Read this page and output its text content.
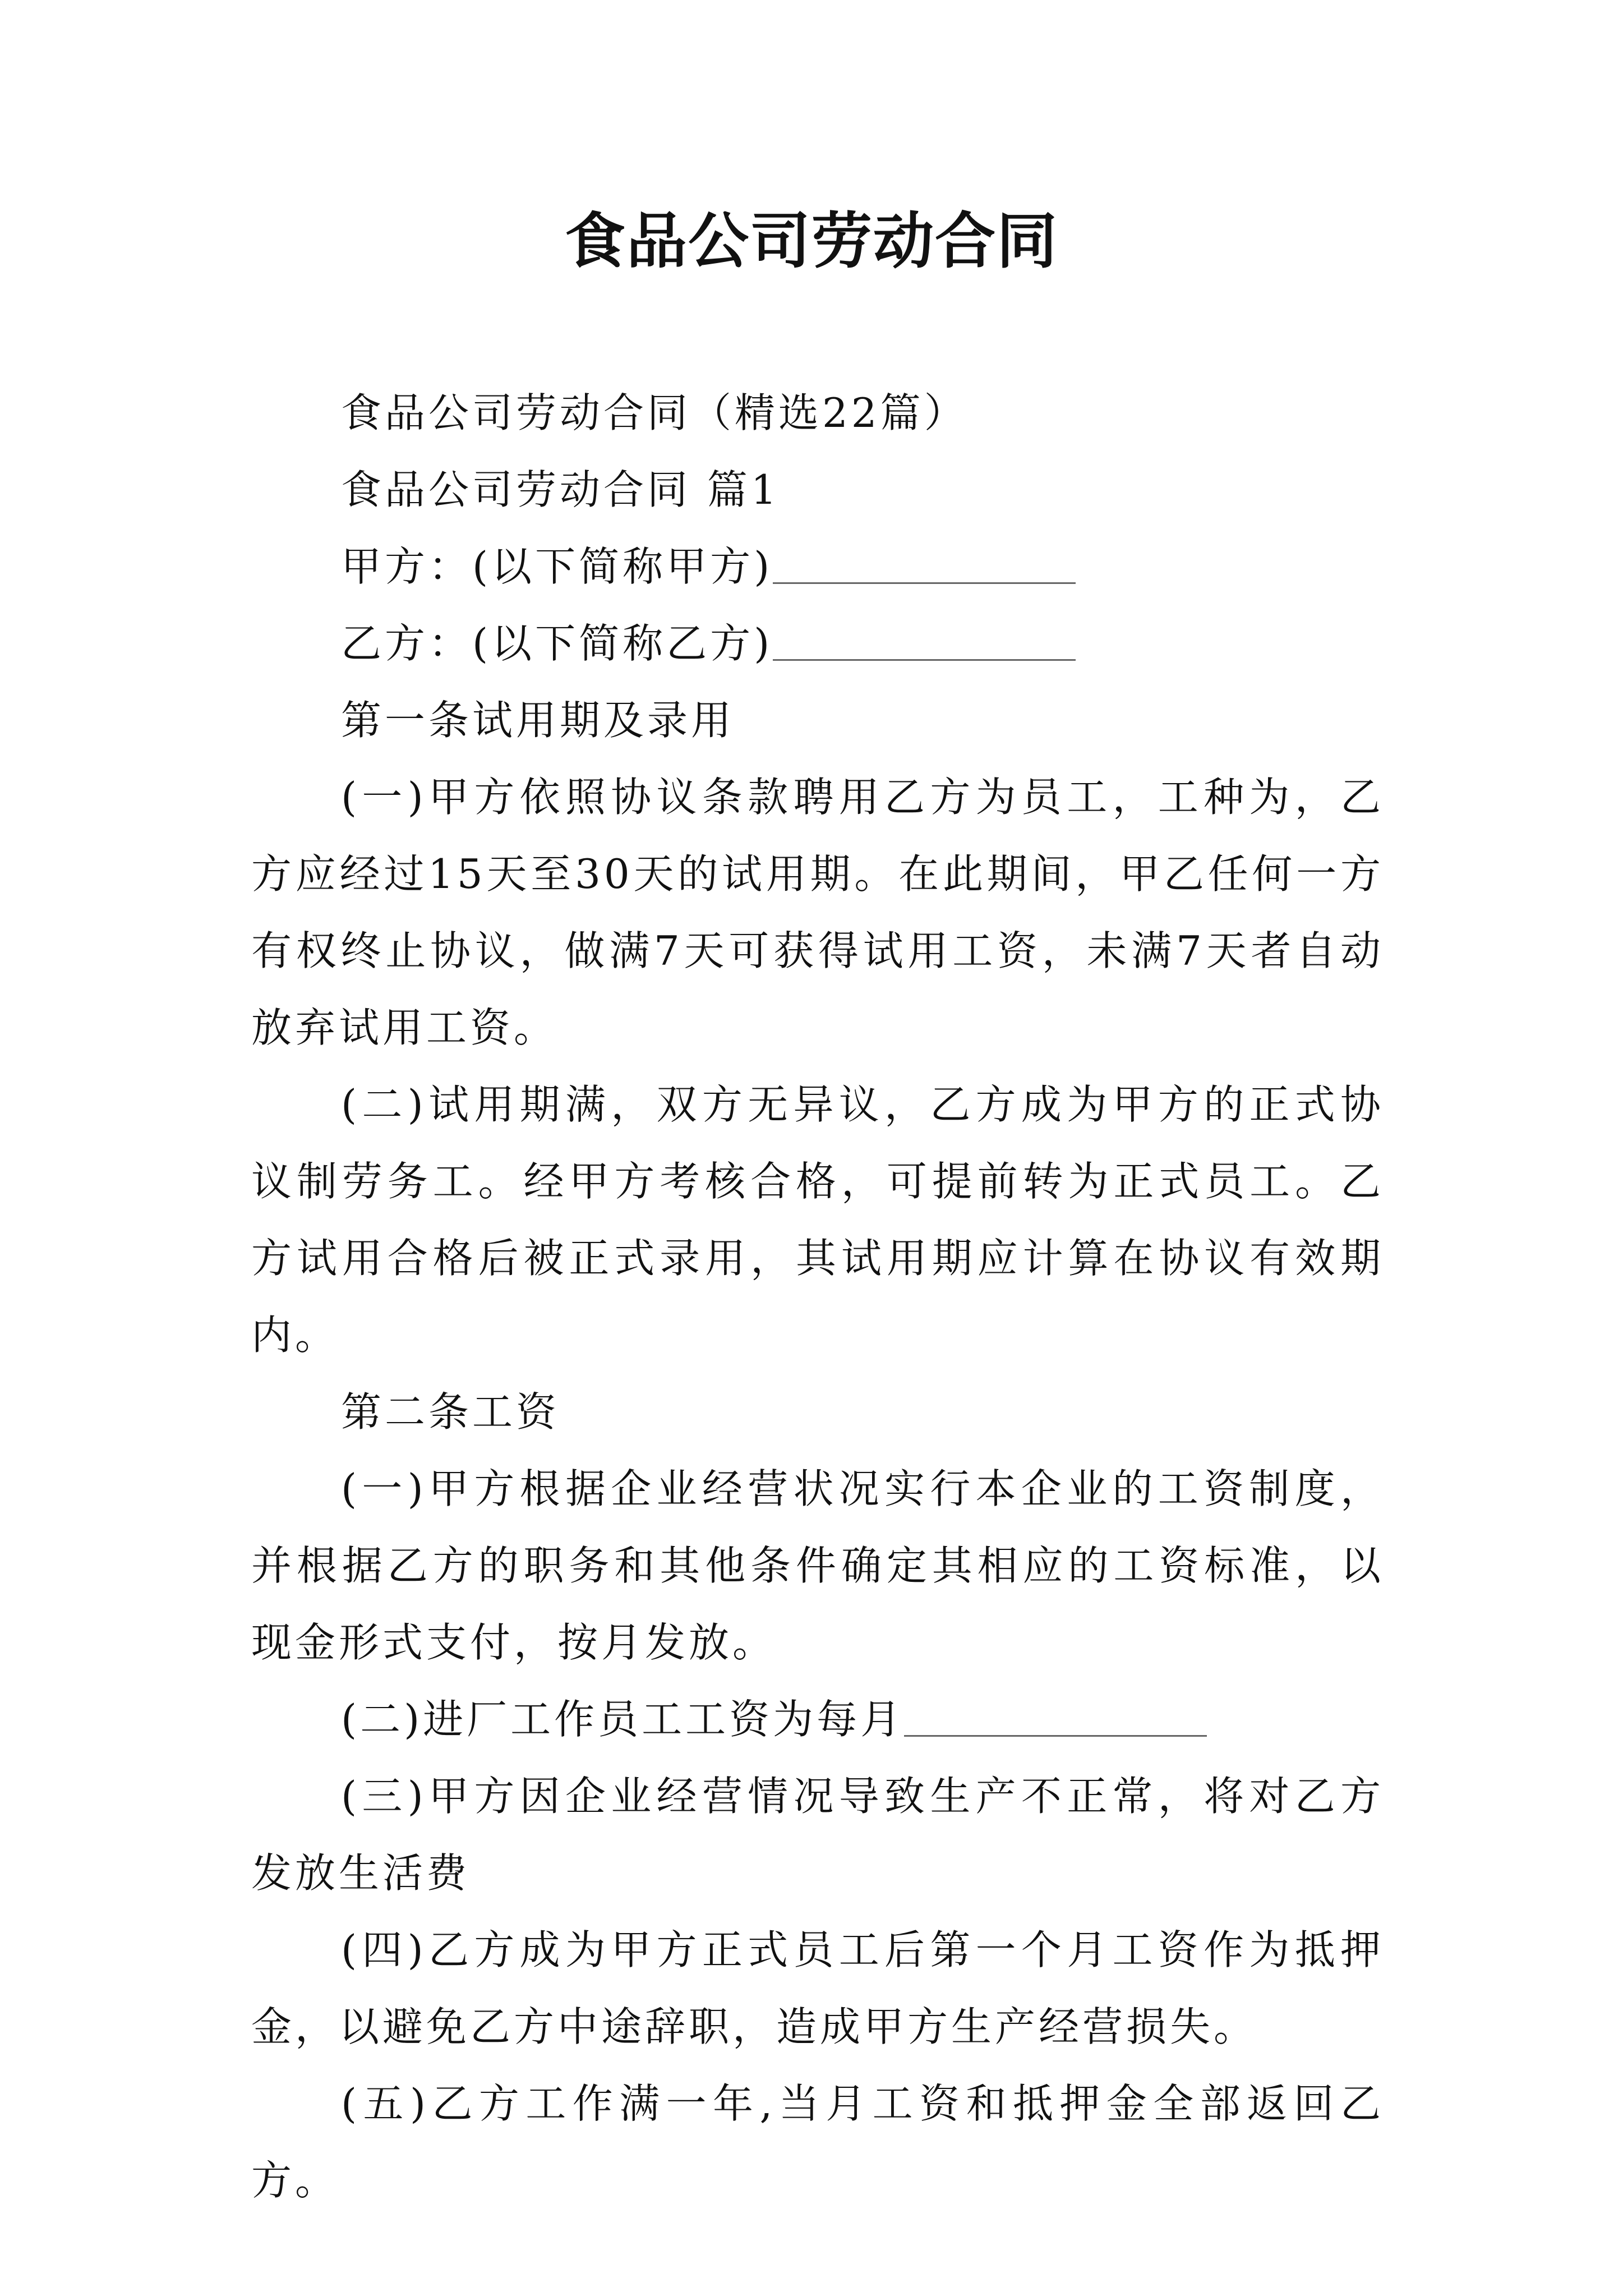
食品公司劳动合同

食品公司劳动合同（精选22篇）

食品公司劳动合同 篇1

甲方：(以下简称甲方)

乙方：(以下简称乙方)

第一条试用期及录用

(一)甲方依照协议条款聘用乙方为员工，工种为，乙方应经过15天至30天的试用期。在此期间，甲乙任何一方有权终止协议，做满7天可获得试用工资，未满7天者自动放弃试用工资。

(二)试用期满，双方无异议，乙方成为甲方的正式协议制劳务工。经甲方考核合格，可提前转为正式员工。乙方试用合格后被正式录用，其试用期应计算在协议有效期内。

第二条工资

(一)甲方根据企业经营状况实行本企业的工资制度，并根据乙方的职务和其他条件确定其相应的工资标准，以现金形式支付，按月发放。

(二)进厂工作员工工资为每月

(三)甲方因企业经营情况导致生产不正常，将对乙方发放生活费

(四)乙方成为甲方正式员工后第一个月工资作为抵押金，以避免乙方中途辞职，造成甲方生产经营损失。

(五)乙方工作满一年,当月工资和抵押金全部返回乙方。
